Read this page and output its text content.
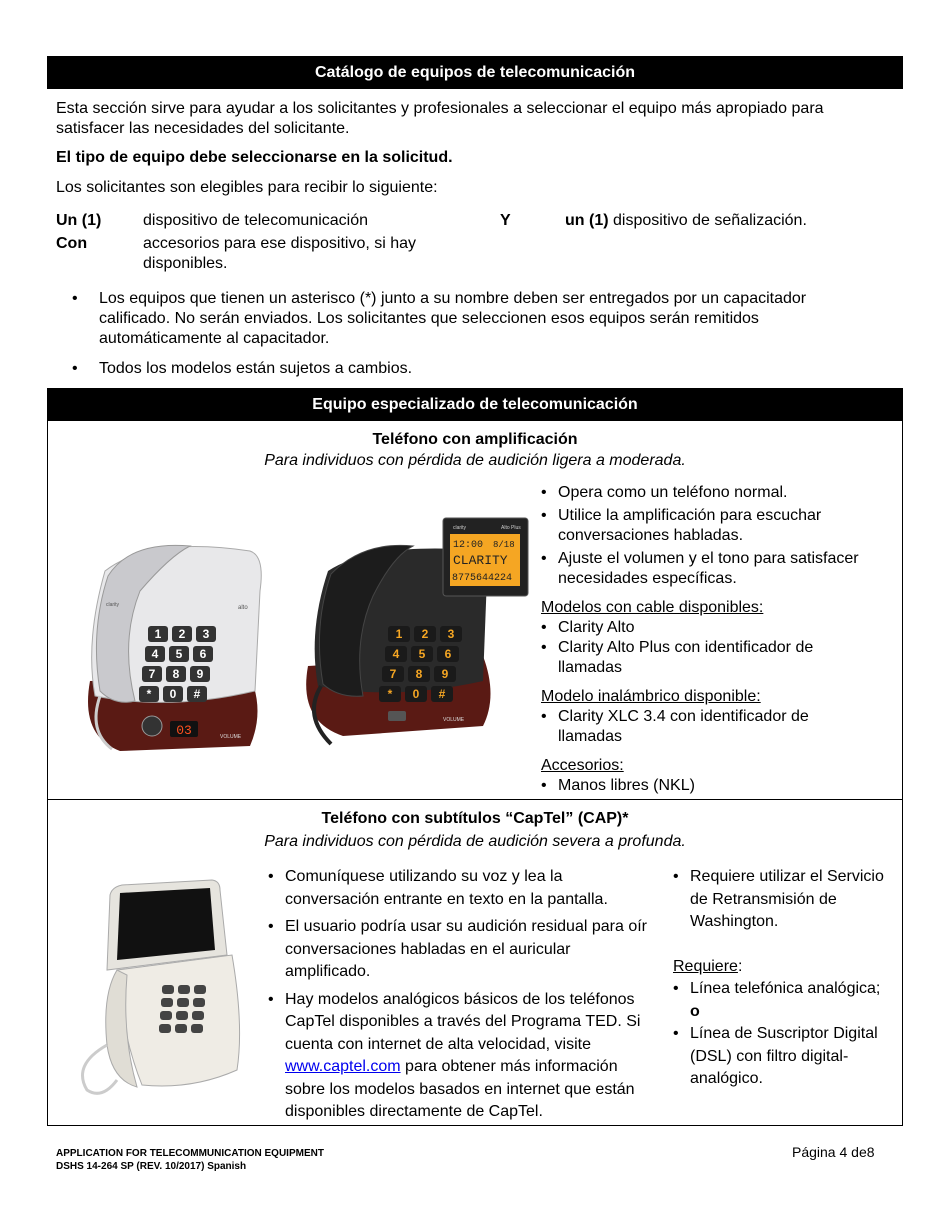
Catálogo de equipos de telecomunicación
Esta sección sirve para ayudar a los solicitantes y profesionales a seleccionar el equipo más apropiado para satisfacer las necesidades del solicitante.
El tipo de equipo debe seleccionarse en la solicitud.
Los solicitantes son elegibles para recibir lo siguiente:
Un (1)	dispositivo de telecomunicación	Y	un (1) dispositivo de señalización.
Con	accesorios para ese dispositivo, si hay disponibles.
• Los equipos que tienen un asterisco (*) junto a su nombre deben ser entregados por un capacitador calificado. No serán enviados. Los solicitantes que seleccionen esos equipos serán remitidos automáticamente al capacitador.
• Todos los modelos están sujetos a cambios.
Equipo especializado de telecomunicación
Teléfono con amplificación
Para individuos con pérdida de audición ligera a moderada.
1 2 3
4 5 6
7 8 9
* 0 #
03
clarity	alto
VOLUME
12:00 8/18
CLARITY
8775644224
clarity	Alto Plus
1 2 3
4 5 6
7 8 9
* 0 #
VOLUME
• Opera como un teléfono normal.
• Utilice la amplificación para escuchar conversaciones habladas.
• Ajuste el volumen y el tono para satisfacer necesidades específicas.
Modelos con cable disponibles:
• Clarity Alto
• Clarity Alto Plus con identificador de llamadas
Modelo inalámbrico disponible:
• Clarity XLC 3.4 con identificador de llamadas
Accesorios:
• Manos libres (NKL)
Teléfono con subtítulos “CapTel” (CAP)*
Para individuos con pérdida de audición severa a profunda.
• Comuníquese utilizando su voz y lea la conversación entrante en texto en la pantalla.
• El usuario podría usar su audición residual para oír conversaciones habladas en el auricular amplificado.
• Hay modelos analógicos básicos de los teléfonos CapTel disponibles a través del Programa TED. Si cuenta con internet de alta velocidad, visite www.captel.com para obtener más información sobre los modelos basados en internet que están disponibles directamente de CapTel.
• Requiere utilizar el Servicio de Retransmisión de Washington.
Requiere:
• Línea telefónica analógica;
o
• Línea de Suscriptor Digital (DSL) con filtro digital-analógico.
APPLICATION FOR TELECOMMUNICATION EQUIPMENT
DSHS 14-264 SP (REV. 10/2017) Spanish
Página 4 de8
